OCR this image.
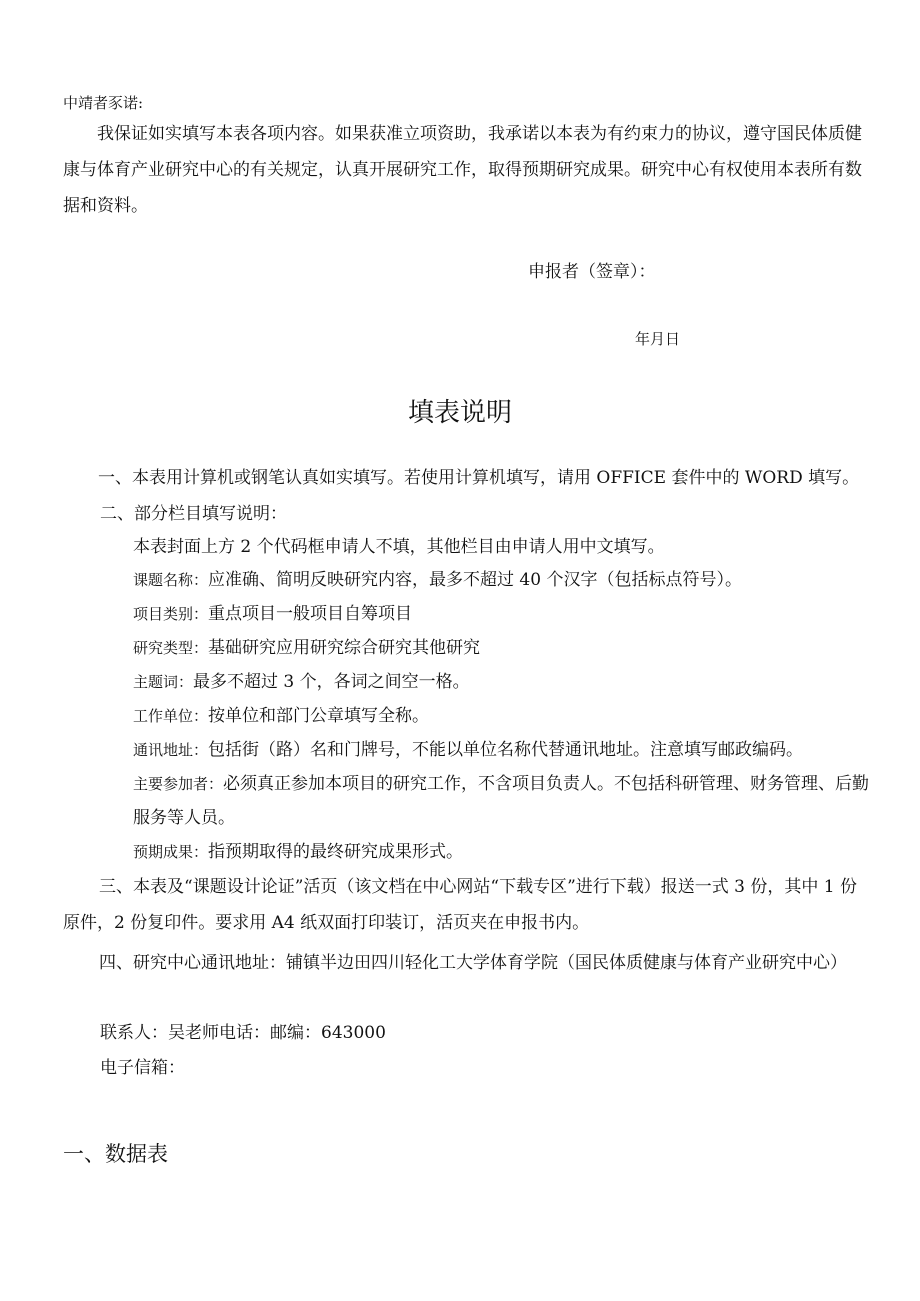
中靖者豕诺:

我保证如实填写本表各项内容。如果获准立项资助，我承诺以本表为有约束力的协议，遵守国民体质健康与体育产业研究中心的有关规定，认真开展研究工作，取得预期研究成果。研究中心有权使用本表所有数据和资料。

申报者（签章）：
年月日
填表说明

一、本表用计算机或钢笔认真如实填写。若使用计算机填写，请用 OFFICE 套件中的 WORD 填写。二、部分栏目填写说明：

本表封面上方 2 个代码框申请人不填，其他栏目由申请人用中文填写。
课题名称：应准确、简明反映研究内容，最多不超过 40 个汉字（包括标点符号）。
项目类别：重点项目一般项目自筹项目
研究类型：基础研究应用研究综合研究其他研究
主题词：最多不超过 3 个，各词之间空一格。
工作单位：按单位和部门公章填写全称。
通讯地址：包括街（路）名和门牌号，不能以单位名称代替通讯地址。注意填写邮政编码。
主要参加者：必须真正参加本项目的研究工作，不含项目负责人。不包括科研管理、财务管理、后勤服务等人员。
预期成果：指预期取得的最终研究成果形式。

三、本表及“课题设计论证”活页（该文档在中心网站“下载专区”进行下载）报送一式 3 份，其中 1 份原件，2 份复印件。要求用 A4 纸双面打印装订，活页夹在申报书内。

四、研究中心通讯地址：铺镇半边田四川轻化工大学体育学院（国民体质健康与体育产业研究中心）

联系人：吴老师电话：邮编：643000
电子信箱：
一、数据表
